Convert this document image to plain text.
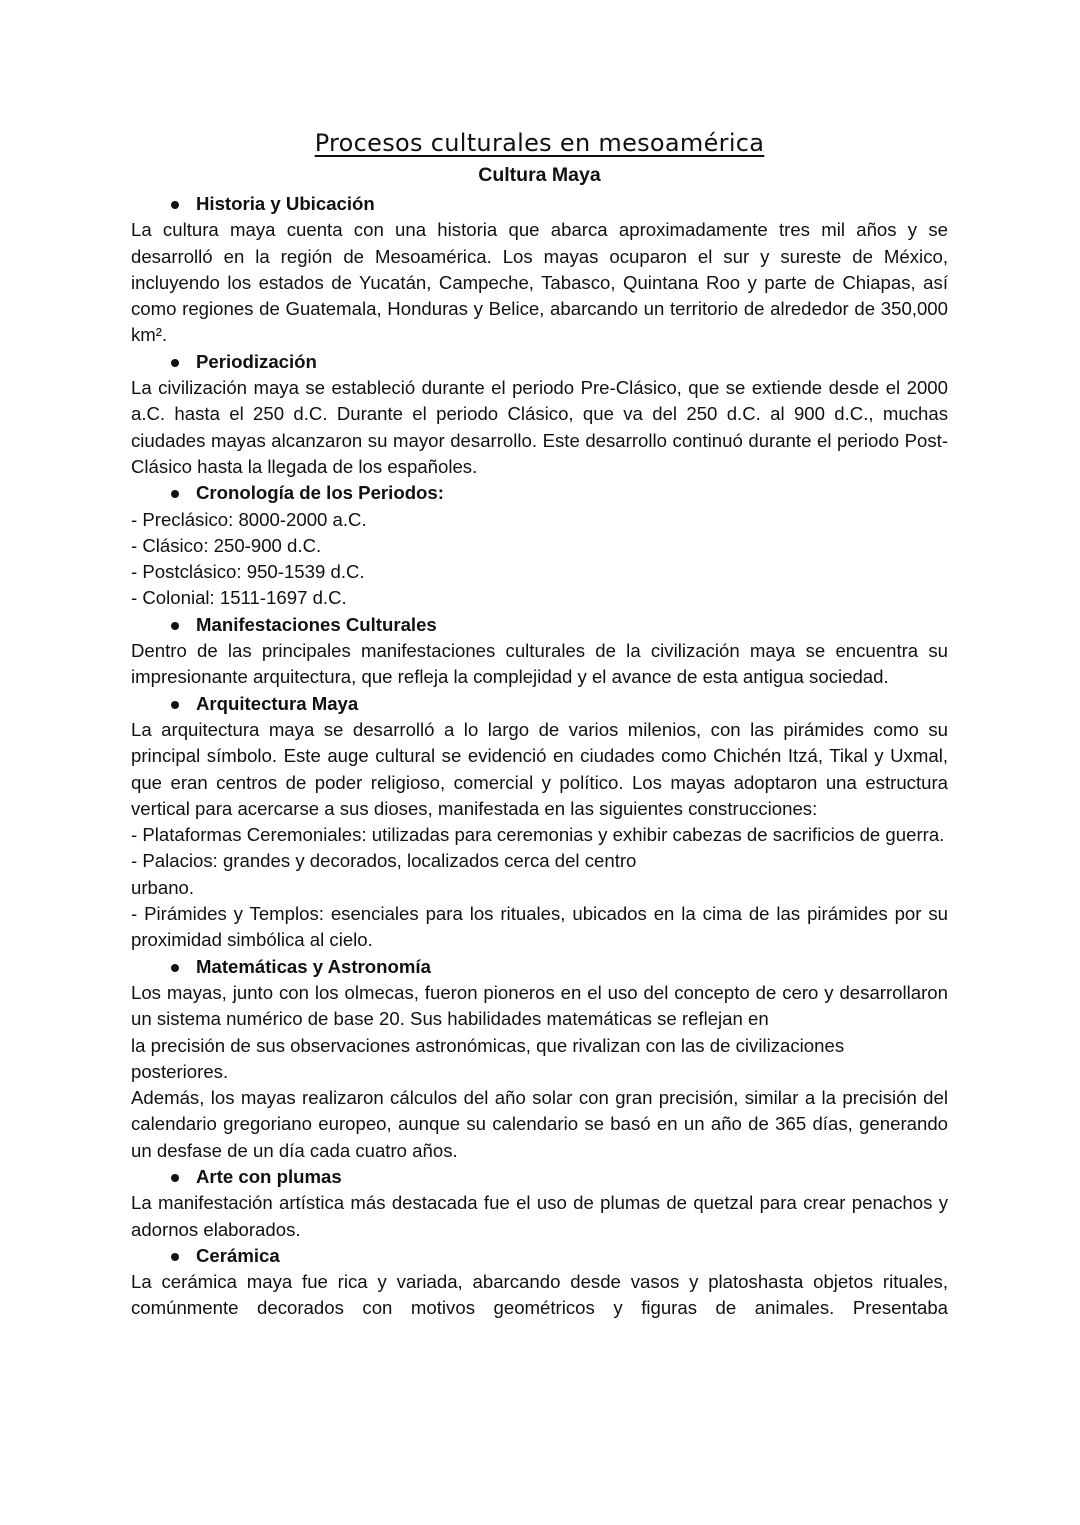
Procesos culturales en mesoamérica
Cultura Maya
Historia y Ubicación

La cultura maya cuenta con una historia que abarca aproximadamente tres mil años y se desarrolló en la región de Mesoamérica. Los mayas ocuparon el sur y sureste de México, incluyendo los estados de Yucatán, Campeche, Tabasco, Quintana Roo y parte de Chiapas, así como regiones de Guatemala, Honduras y Belice, abarcando un territorio de alrededor de 350,000 km².

Periodización

La civilización maya se estableció durante el periodo Pre-Clásico, que se extiende desde el 2000 a.C. hasta el 250 d.C. Durante el periodo Clásico, que va del 250 d.C. al 900 d.C., muchas ciudades mayas alcanzaron su mayor desarrollo. Este desarrollo continuó durante el periodo Post-Clásico hasta la llegada de los españoles.

Cronología de los Periodos:

- Preclásico: 8000-2000 a.C.

- Clásico: 250-900 d.C.

- Postclásico: 950-1539 d.C.

- Colonial: 1511-1697 d.C.

Manifestaciones Culturales

Dentro de las principales manifestaciones culturales de la civilización maya se encuentra su impresionante arquitectura, que refleja la complejidad y el avance de esta antigua sociedad.

Arquitectura Maya

La arquitectura maya se desarrolló a lo largo de varios milenios, con las pirámides como su principal símbolo. Este auge cultural se evidenció en ciudades como Chichén Itzá, Tikal y Uxmal, que eran centros de poder religioso, comercial y político. Los mayas adoptaron una estructura vertical para acercarse a sus dioses, manifestada en las siguientes construcciones:

- Plataformas Ceremoniales: utilizadas para ceremonias y exhibir cabezas de sacrificios de guerra.

- Palacios: grandes y decorados, localizados cerca del centro

urbano.

- Pirámides y Templos: esenciales para los rituales, ubicados en la cima de las pirámides por su proximidad simbólica al cielo.

Matemáticas y Astronomía

Los mayas, junto con los olmecas, fueron pioneros en el uso del concepto de cero y desarrollaron un sistema numérico de base 20. Sus habilidades matemáticas se reflejan en

la precisión de sus observaciones astronómicas, que rivalizan con las de civilizaciones

posteriores.

Además, los mayas realizaron cálculos del año solar con gran precisión, similar a la precisión del calendario gregoriano europeo, aunque su calendario se basó en un año de 365 días, generando un desfase de un día cada cuatro años.

Arte con plumas

La manifestación artística más destacada fue el uso de plumas de quetzal para crear penachos y adornos elaborados.

Cerámica

La cerámica maya fue rica y variada, abarcando desde vasos y platoshasta objetos rituales, comúnmente decorados con motivos geométricos y figuras de animales. Presentaba
